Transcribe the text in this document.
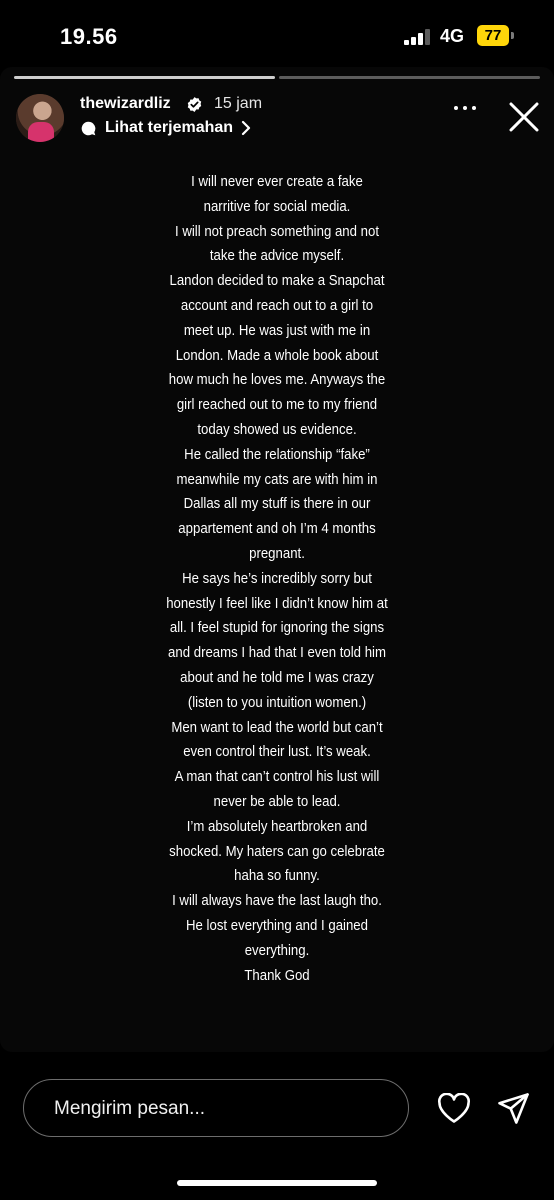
19.56	4G	77
thewizardliz	15 jam
Lihat terjemahan

I will never ever create a fake

narritive for social media.

I will not preach something and not

take the advice myself.

Landon decided to make a Snapchat

account and reach out to a girl to

meet up. He was just with me in

London. Made a whole book about

how much he loves me. Anyways the

girl reached out to me to my friend

today showed us evidence.

He called the relationship “fake”

meanwhile my cats are with him in

Dallas all my stuff is there in our

appartement and oh I’m 4 months

pregnant.

He says he’s incredibly sorry but

honestly I feel like I didn’t know him at

all. I feel stupid for ignoring the signs

and dreams I had that I even told him

about and he told me I was crazy

(listen to you intuition women.)

Men want to lead the world but can’t

even control their lust. It’s weak.

A man that can’t control his lust will

never be able to lead.

I’m absolutely heartbroken and

shocked. My haters can go celebrate

haha so funny.

I will always have the last laugh tho.

He lost everything and I gained

everything.

Thank God

Mengirim pesan...
